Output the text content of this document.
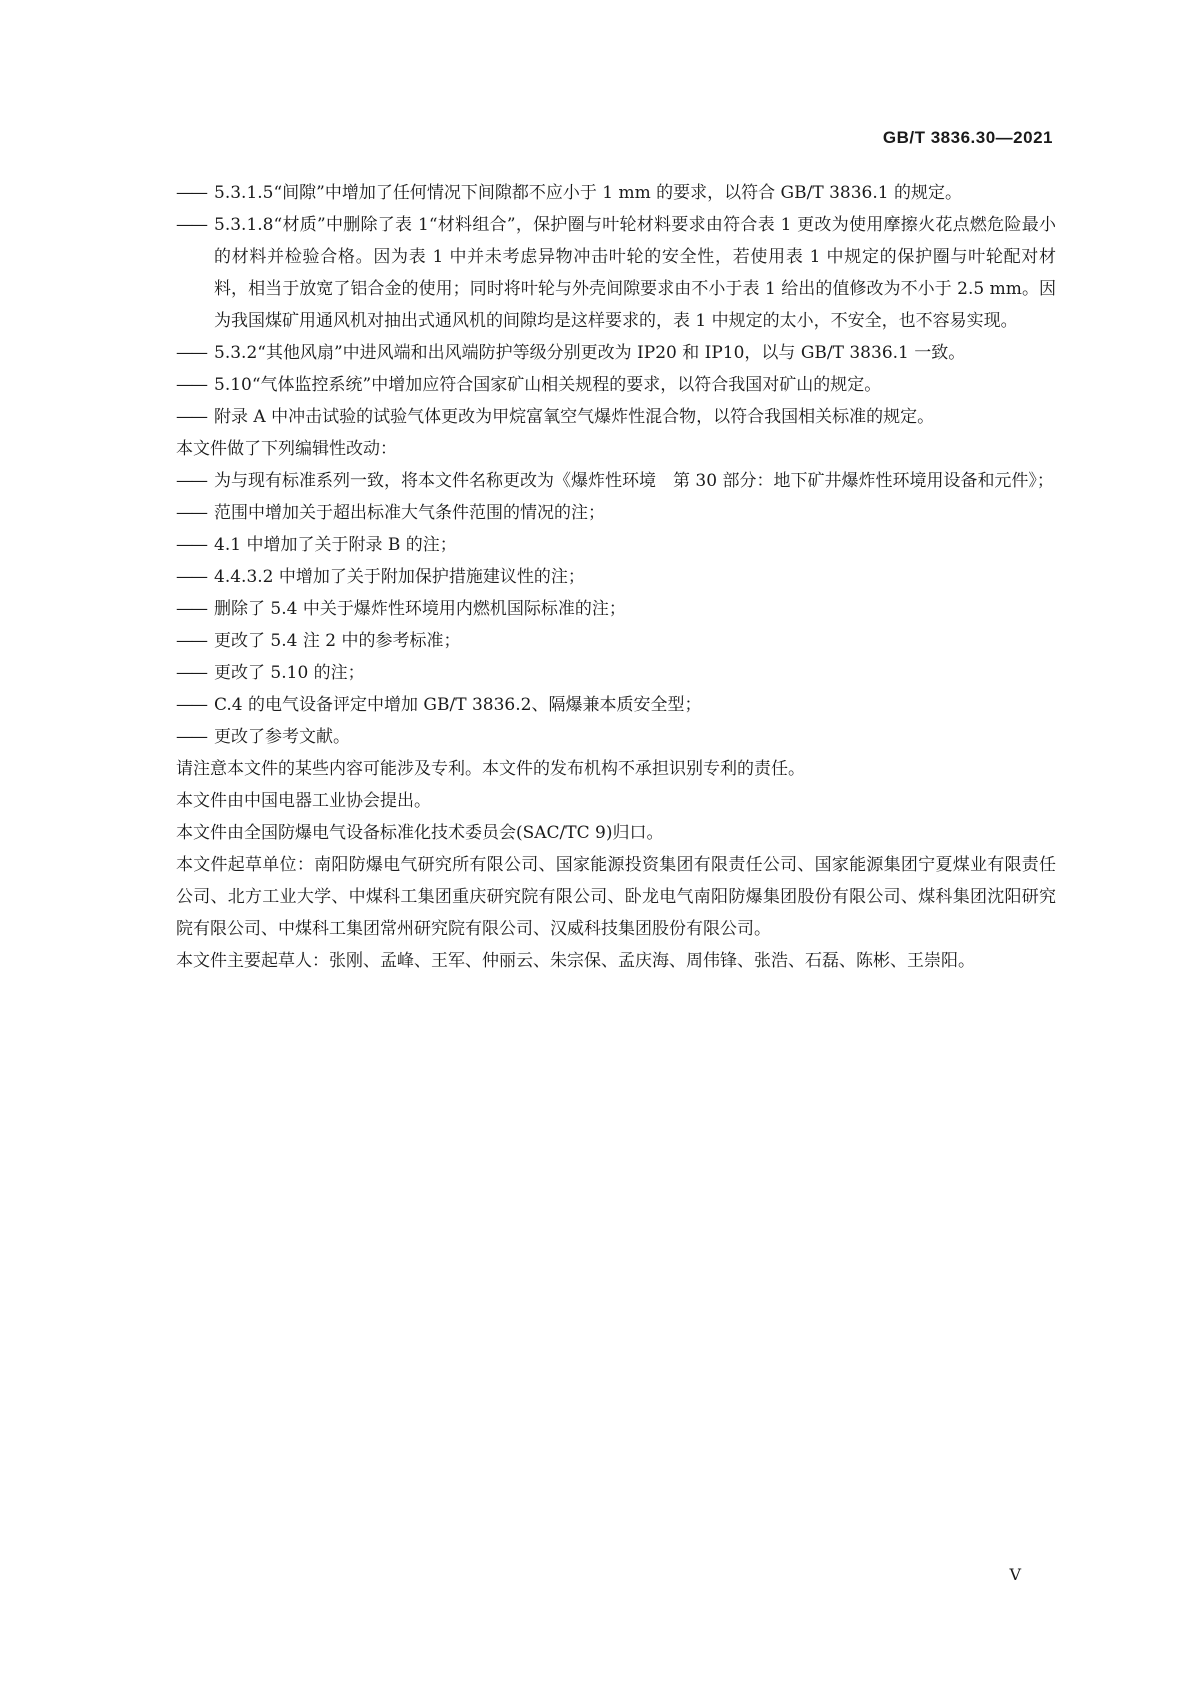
GB/T 3836.30—2021
—— 5.3.1.5“间隙”中增加了任何情况下间隙都不应小于 1 mm 的要求，以符合 GB/T 3836.1 的规定。
—— 5.3.1.8“材质”中删除了表 1“材料组合”，保护圈与叶轮材料要求由符合表 1 更改为使用摩擦火花点燃危险最小的材料并检验合格。因为表 1 中并未考虑异物冲击叶轮的安全性，若使用表 1 中规定的保护圈与叶轮配对材料，相当于放宽了铝合金的使用；同时将叶轮与外壳间隙要求由不小于表 1 给出的值修改为不小于 2.5 mm。因为我国煤矿用通风机对抽出式通风机的间隙均是这样要求的，表 1 中规定的太小，不安全，也不容易实现。
—— 5.3.2“其他风扇”中进风端和出风端防护等级分别更改为 IP20 和 IP10，以与 GB/T 3836.1 一致。
—— 5.10“气体监控系统”中增加应符合国家矿山相关规程的要求，以符合我国对矿山的规定。
—— 附录 A 中冲击试验的试验气体更改为甲烷富氧空气爆炸性混合物，以符合我国相关标准的规定。
本文件做了下列编辑性改动：
—— 为与现有标准系列一致，将本文件名称更改为《爆炸性环境　第 30 部分：地下矿井爆炸性环境用设备和元件》；
—— 范围中增加关于超出标准大气条件范围的情况的注；
—— 4.1 中增加了关于附录 B 的注；
—— 4.4.3.2 中增加了关于附加保护措施建议性的注；
—— 删除了 5.4 中关于爆炸性环境用内燃机国际标准的注；
—— 更改了 5.4 注 2 中的参考标准；
—— 更改了 5.10 的注；
—— C.4 的电气设备评定中增加 GB/T 3836.2、隔爆兼本质安全型；
—— 更改了参考文献。
请注意本文件的某些内容可能涉及专利。本文件的发布机构不承担识别专利的责任。
本文件由中国电器工业协会提出。
本文件由全国防爆电气设备标准化技术委员会(SAC/TC 9)归口。
本文件起草单位：南阳防爆电气研究所有限公司、国家能源投资集团有限责任公司、国家能源集团宁夏煤业有限责任公司、北方工业大学、中煤科工集团重庆研究院有限公司、卧龙电气南阳防爆集团股份有限公司、煤科集团沈阳研究院有限公司、中煤科工集团常州研究院有限公司、汉威科技集团股份有限公司。
本文件主要起草人：张刚、孟峰、王军、仲丽云、朱宗保、孟庆海、周伟锋、张浩、石磊、陈彬、王崇阳。
V
